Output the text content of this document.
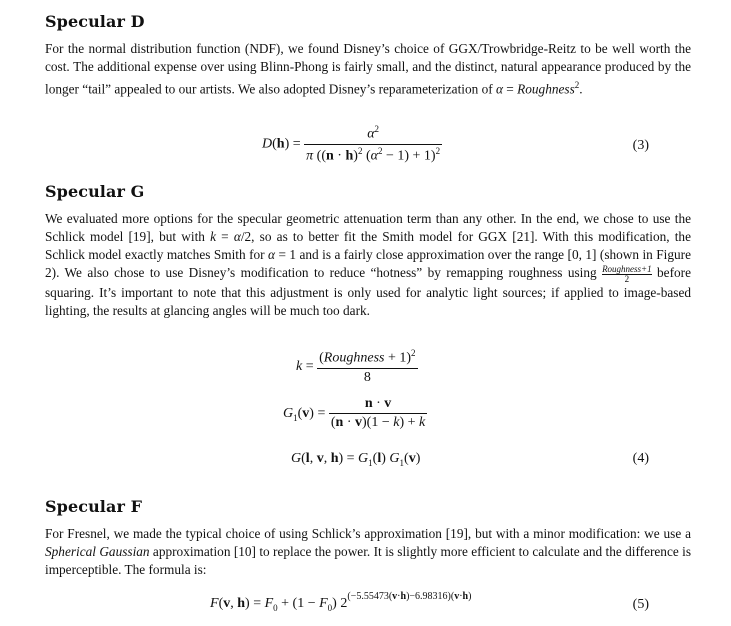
Specular D

For the normal distribution function (NDF), we found Disney’s choice of GGX/Trowbridge-Reitz to be well worth the cost. The additional expense over using Blinn-Phong is fairly small, and the distinct, natural appearance produced by the longer “tail” appealed to our artists. We also adopted Disney’s reparameterization of α = Roughness$^2$.

$D(h) = \frac{\alpha^2}{\pi ((n \cdot h)^2 (\alpha^2 - 1) + 1)^2}$	(3)
Specular G

We evaluated more options for the specular geometric attenuation term than any other. In the end, we chose to use the Schlick model [19], but with k = α/2, so as to better fit the Smith model for GGX [21]. With this modification, the Schlick model exactly matches Smith for α = 1 and is a fairly close approximation over the range [0, 1] (shown in Figure 2). We also chose to use Disney’s modification to reduce “hotness” by remapping roughness using $\frac{\text{Roughness+1}}{2}$ before squaring. It’s important to note that this adjustment is only used for analytic light sources; if applied to image-based lighting, the results at glancing angles will be much too dark.

$k = \frac{(Roughness + 1)^2}{8}$
$G_1(v) = \frac{n \cdot v}{(n \cdot v)(1 - k) + k}$
G(l, v, $h) = G_1(l)$ $G_1(v)$	(4)
Specular F

For Fresnel, we made the typical choice of using Schlick’s approximation [19], but with a minor modification: we use a Spherical Gaussian approximation [10] to replace the power. It is slightly more efficient to calculate and the difference is imperceptible. The formula is:

F(v, $h) = F_0 + (1 - F_0)$ $2^{(-5.55473(v\cdot h)-6.98316)(v\cdot h)}$
(5)
